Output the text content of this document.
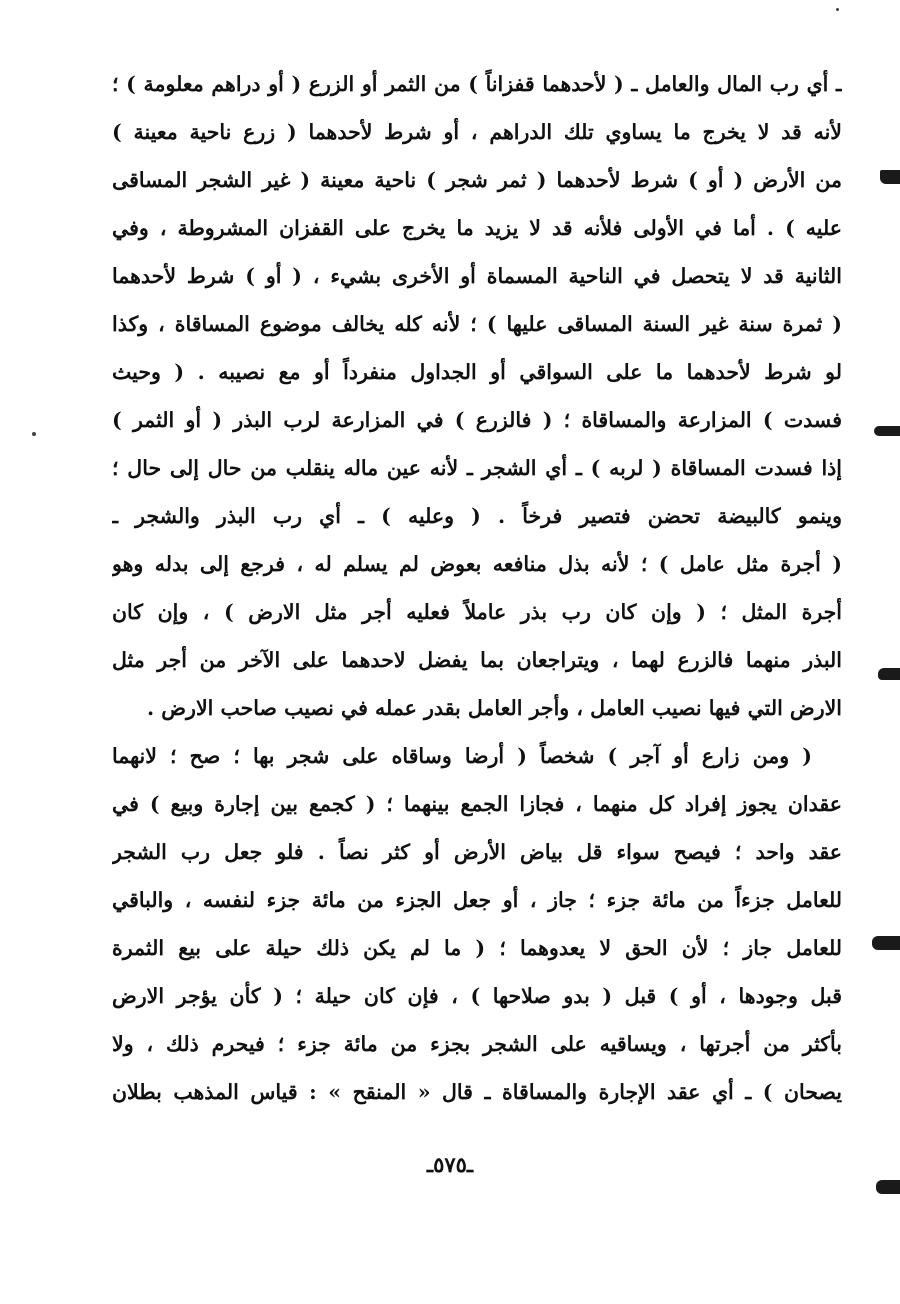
ـ أي رب المال والعامل ـ ( لأحدهما قفزاناً ) من الثمر أو الزرع ( أو دراهم معلومة ) ؛
لأنه قد لا يخرج ما يساوي تلك الدراهم ، أو شرط لأحدهما ( زرع ناحية معينة )
من الأرض ( أو ) شرط لأحدهما ( ثمر شجر ) ناحية معينة ( غير الشجر المساقى
عليه ) . أما في الأولى فلأنه قد لا يزيد ما يخرج على القفزان المشروطة ، وفي
الثانية قد لا يتحصل في الناحية المسماة أو الأخرى بشيء ، ( أو ) شرط لأحدهما
( ثمرة سنة غير السنة المساقى عليها ) ؛ لأنه كله يخالف موضوع المساقاة ، وكذا
لو شرط لأحدهما ما على السواقي أو الجداول منفرداً أو مع نصيبه . ( وحيث
فسدت ) المزارعة والمساقاة ؛ ( فالزرع ) في المزارعة لرب البذر ( أو الثمر )
إذا فسدت المساقاة ( لربه ) ـ أي الشجر ـ لأنه عين ماله ينقلب من حال إلى حال ؛
وينمو كالبيضة تحضن فتصير فرخاً . ( وعليه ) ـ أي رب البذر والشجر ـ
( أجرة مثل عامل ) ؛ لأنه بذل منافعه بعوض لم يسلم له ، فرجع إلى بدله وهو
أجرة المثل ؛ ( وإن كان رب بذر عاملاً فعليه أجر مثل الارض ) ، وإن كان
البذر منهما فالزرع لهما ، ويتراجعان بما يفضل لاحدهما على الآخر من أجر مثل
الارض التي فيها نصيب العامل ، وأجر العامل بقدر عمله في نصيب صاحب الارض .
( ومن زارع أو آجر ) شخصاً ( أرضا وساقاه على شجر بها ؛ صح ؛ لانهما
عقدان يجوز إفراد كل منهما ، فجازا الجمع بينهما ؛ ( كجمع بين إجارة وبيع ) في
عقد واحد ؛ فيصح سواء قل بياض الأرض أو كثر نصاً . فلو جعل رب الشجر
للعامل جزءاً من مائة جزء ؛ جاز ، أو جعل الجزء من مائة جزء لنفسه ، والباقي
للعامل جاز ؛ لأن الحق لا يعدوهما ؛ ( ما لم يكن ذلك حيلة على بيع الثمرة
قبل وجودها ، أو ) قبل ( بدو صلاحها ) ، فإن كان حيلة ؛ ( كأن يؤجر الارض
بأكثر من أجرتها ، ويساقيه على الشجر بجزء من مائة جزء ؛ فيحرم ذلك ، ولا
يصحان ) ـ أي عقد الإجارة والمساقاة ـ قال « المنقح » : قياس المذهب بطلان
ـ٥٧٥ـ
